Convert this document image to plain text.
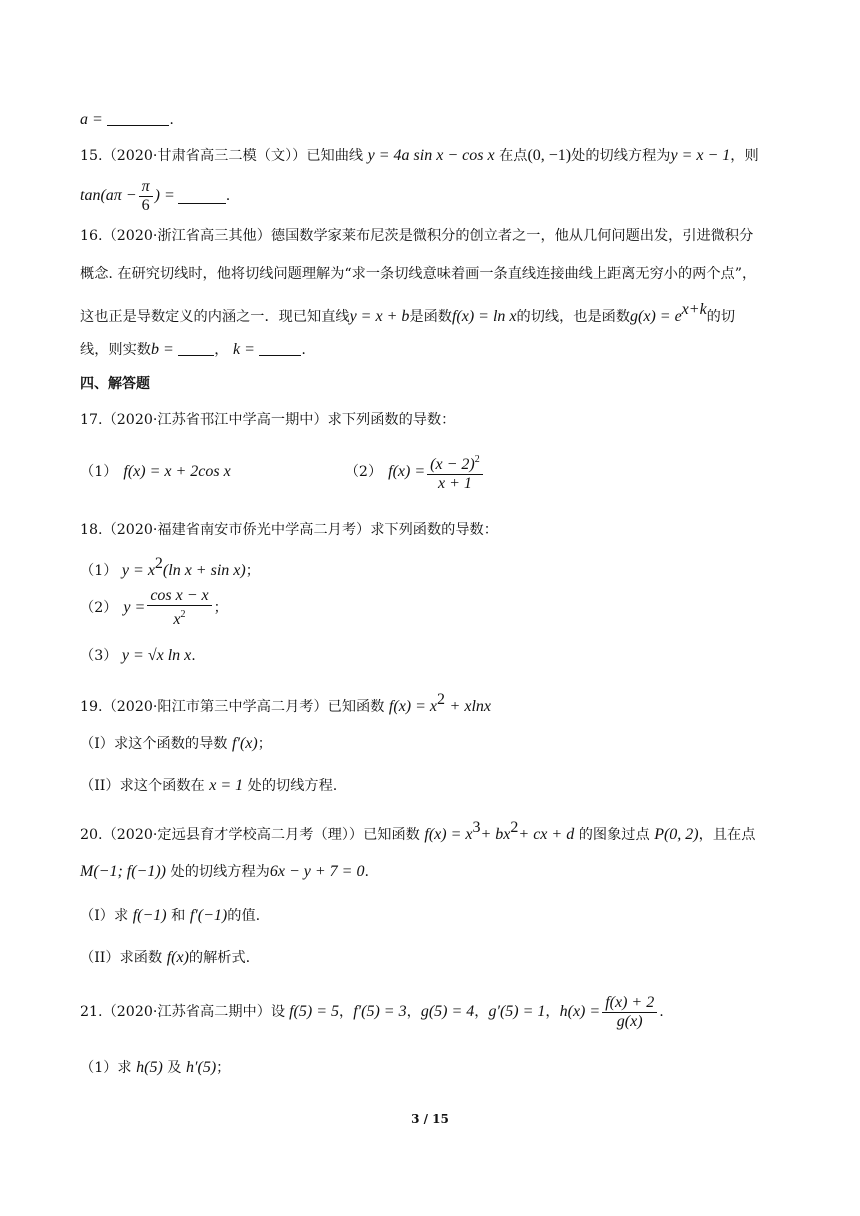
a =	.
15.（2020·甘肃省高三二模（文））已知曲线 y = 4a sin x − cos x 在点(0, −1)处的切线方程为y = x − 1，则
$\tan(a\pi - \frac{\pi}{6}$ ) =	.
16.（2020·浙江省高三其他）德国数学家莱布尼茨是微积分的创立者之一，他从几何问题出发，引进微积分
概念. 在研究切线时，他将切线问题理解为“求一条切线意味着画一条直线连接曲线上距离无穷小的两个点”，
这也正是导数定义的内涵之一．现已知直线y = x + b是函数f(x) = ln x的切线，也是函数$g(x) = e^{x+k}$的切
线，则实数b =	， k =	.
四、解答题
17.（2020·江苏省邗江中学高一期中）求下列函数的导数：
（1） f(x) = x + 2cos x	（2） $f(x) = \frac{(x - 2)^2}{x + 1}$
18.（2020·福建省南安市侨光中学高二月考）求下列函数的导数：
（1） $y = x^2(\ln$ x + sin x)；
（2） $y = \frac{\text{cos x − x}}{x^2}$ ；
（3） y = √x ln x.
19.（2020·阳江市第三中学高二月考）已知函数 $f(x) = x^2 + xlnx$
（I）求这个函数的导数 f′(x)；
（II）求这个函数在 x = 1 处的切线方程.
20.（2020·定远县育才学校高二月考（理））已知函数 $f(x) = x^3+ bx^2+$ cx + d 的图象过点 P(0, 2)，且在点
M(−1; f(−1)) 处的切线方程为6x − y + 7 = 0.
（I）求 f(−1) 和 f′(−1)的值.
（II）求函数 f(x)的解析式.
21. （2020·江苏省高二期中） 设 f(5) = 5 ， f′(5) = 3 ， g(5) = 4 ， g′(5) = 1 ， $h(x) = \frac{f(x) + 2}{g(x)}$ .
（1）求 h(5) 及 h′(5)；
3 / 15
